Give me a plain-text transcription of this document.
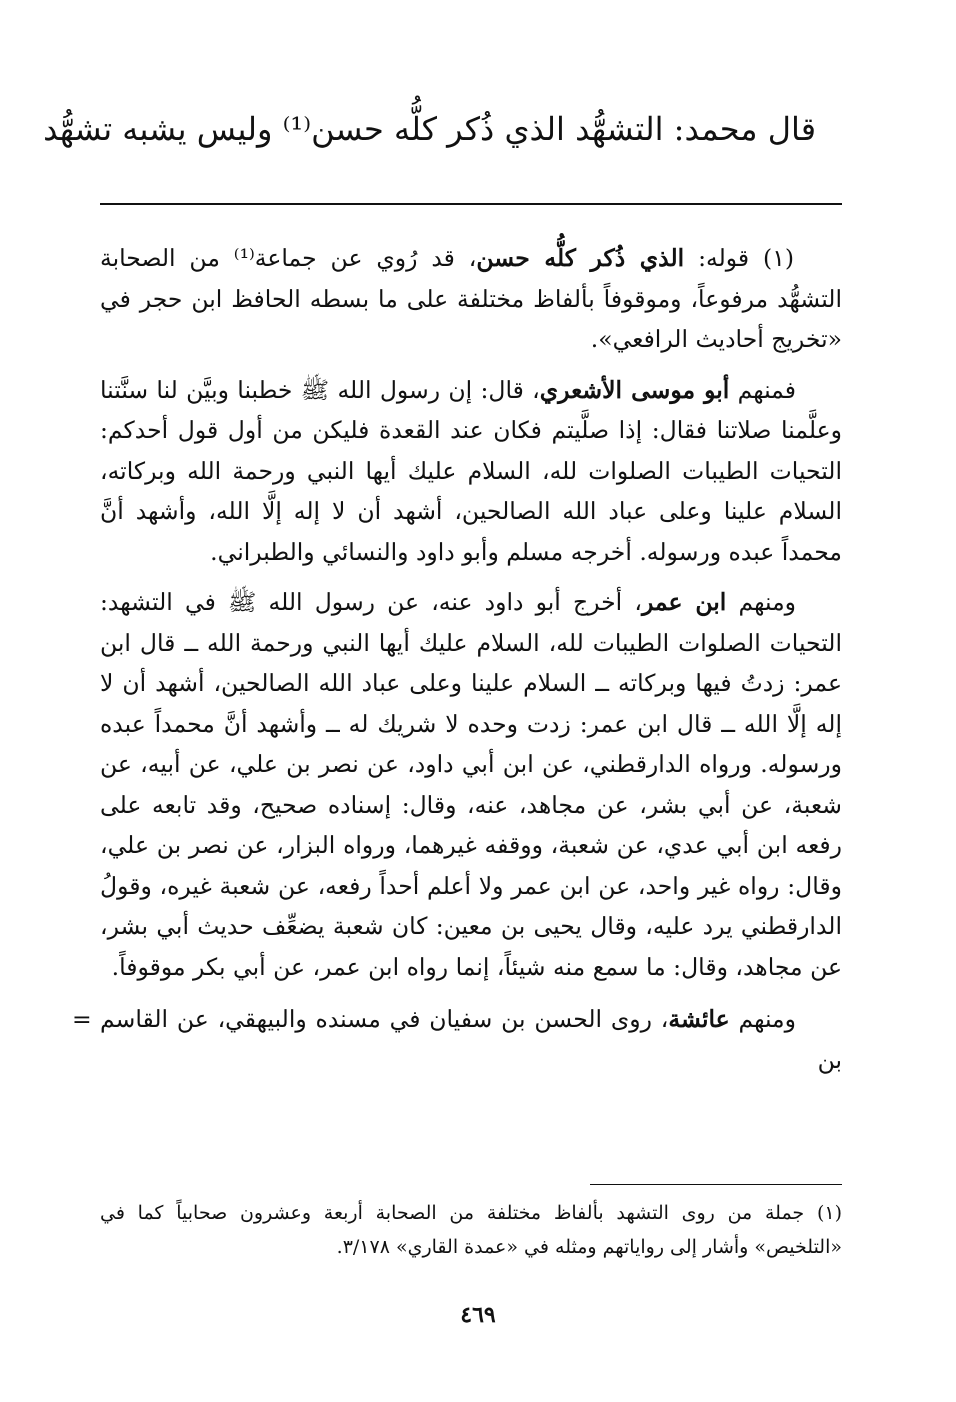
قال محمد: التشهُّد الذي ذُكر كلُّه حسن⁽¹⁾ وليس يشبه تشهُّد

(١) قوله: الذي ذُكر كلُّه حسن، قد رُوي عن جماعة⁽¹⁾ من الصحابة التشهُّد مرفوعاً، وموقوفاً بألفاظ مختلفة على ما بسطه الحافظ ابن حجر في «تخريج أحاديث الرافعي».

فمنهم أبو موسى الأشعري، قال: إن رسول الله ﷺ خطبنا وبيَّن لنا سنَّتنا وعلَّمنا صلاتنا فقال: إذا صلَّيتم فكان عند القعدة فليكن من أول قول أحدكم: التحيات الطيبات الصلوات لله، السلام عليك أيها النبي ورحمة الله وبركاته، السلام علينا وعلى عباد الله الصالحين، أشهد أن لا إله إلَّا الله، وأشهد أنَّ محمداً عبده ورسوله. أخرجه مسلم وأبو داود والنسائي والطبراني.

ومنهم ابن عمر، أخرج أبو داود عنه، عن رسول الله ﷺ في التشهد: التحيات الصلوات الطيبات لله، السلام عليك أيها النبي ورحمة الله ــ قال ابن عمر: زدتُ فيها وبركاته ــ السلام علينا وعلى عباد الله الصالحين، أشهد أن لا إله إلَّا الله ــ قال ابن عمر: زدت وحده لا شريك له ــ وأشهد أنَّ محمداً عبده ورسوله. ورواه الدارقطني، عن ابن أبي داود، عن نصر بن علي، عن أبيه، عن شعبة، عن أبي بشر، عن مجاهد، عنه، وقال: إسناده صحيح، وقد تابعه على رفعه ابن أبي عدي، عن شعبة، ووقفه غيرهما، ورواه البزار، عن نصر بن علي، وقال: رواه غير واحد، عن ابن عمر ولا أعلم أحداً رفعه، عن شعبة غيره، وقولُ الدارقطني يرد عليه، وقال يحيى بن معين: كان شعبة يضعِّف حديث أبي بشر، عن مجاهد، وقال: ما سمع منه شيئاً، إنما رواه ابن عمر، عن أبي بكر موقوفاً.

ومنهم عائشة، روى الحسن بن سفيان في مسنده والبيهقي، عن القاسم بن
=

(١) جملة من روى التشهد بألفاظ مختلفة من الصحابة أربعة وعشرون صحابياً كما في «التلخيص» وأشار إلى رواياتهم ومثله في «عمدة القاري» ٣/١٧٨.
٤٦٩
